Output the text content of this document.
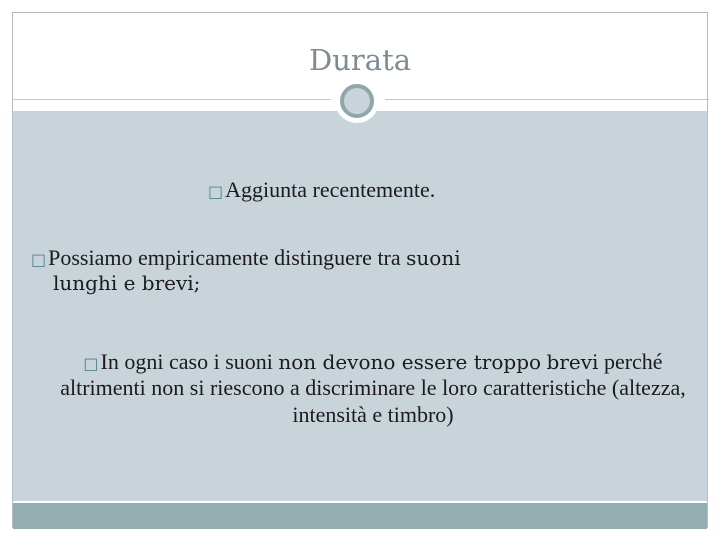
Durata
□Aggiunta recentemente.
□Possiamo empiricamente distinguere tra suoni
lunghi e brevi;
□In ogni caso i suoni non devono essere troppo brevi perché altrimenti non si riescono a discriminare le loro caratteristiche (altezza, intensità e timbro)
